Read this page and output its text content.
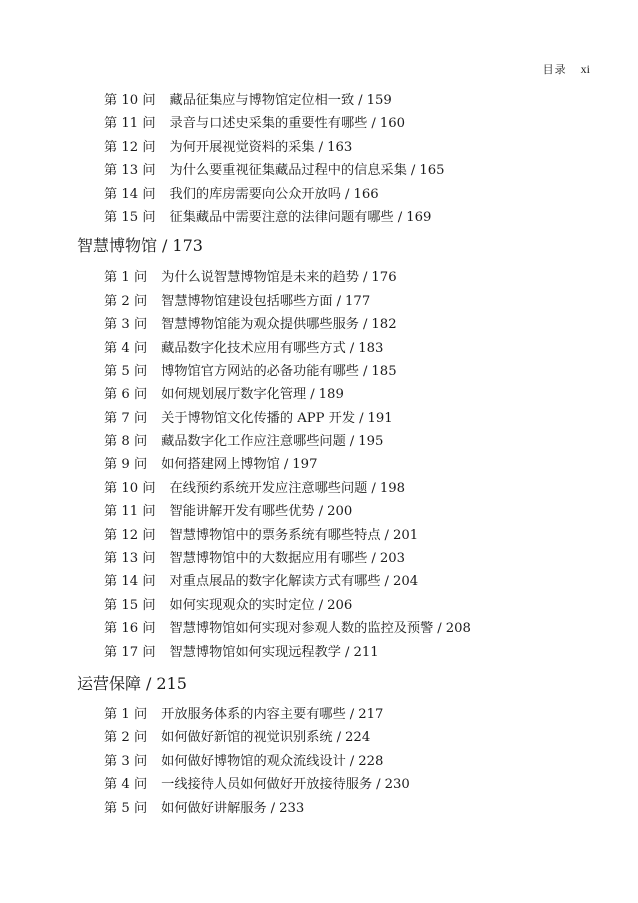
目录 xi
第 10 问 藏品征集应与博物馆定位相一致 / 159
第 11 问 录音与口述史采集的重要性有哪些 / 160
第 12 问 为何开展视觉资料的采集 / 163
第 13 问 为什么要重视征集藏品过程中的信息采集 / 165
第 14 问 我们的库房需要向公众开放吗 / 166
第 15 问 征集藏品中需要注意的法律问题有哪些 / 169
智慧博物馆 / 173
第 1 问 为什么说智慧博物馆是未来的趋势 / 176
第 2 问 智慧博物馆建设包括哪些方面 / 177
第 3 问 智慧博物馆能为观众提供哪些服务 / 182
第 4 问 藏品数字化技术应用有哪些方式 / 183
第 5 问 博物馆官方网站的必备功能有哪些 / 185
第 6 问 如何规划展厅数字化管理 / 189
第 7 问 关于博物馆文化传播的 APP 开发 / 191
第 8 问 藏品数字化工作应注意哪些问题 / 195
第 9 问 如何搭建网上博物馆 / 197
第 10 问 在线预约系统开发应注意哪些问题 / 198
第 11 问 智能讲解开发有哪些优势 / 200
第 12 问 智慧博物馆中的票务系统有哪些特点 / 201
第 13 问 智慧博物馆中的大数据应用有哪些 / 203
第 14 问 对重点展品的数字化解读方式有哪些 / 204
第 15 问 如何实现观众的实时定位 / 206
第 16 问 智慧博物馆如何实现对参观人数的监控及预警 / 208
第 17 问 智慧博物馆如何实现远程教学 / 211
运营保障 / 215
第 1 问 开放服务体系的内容主要有哪些 / 217
第 2 问 如何做好新馆的视觉识别系统 / 224
第 3 问 如何做好博物馆的观众流线设计 / 228
第 4 问 一线接待人员如何做好开放接待服务 / 230
第 5 问 如何做好讲解服务 / 233
